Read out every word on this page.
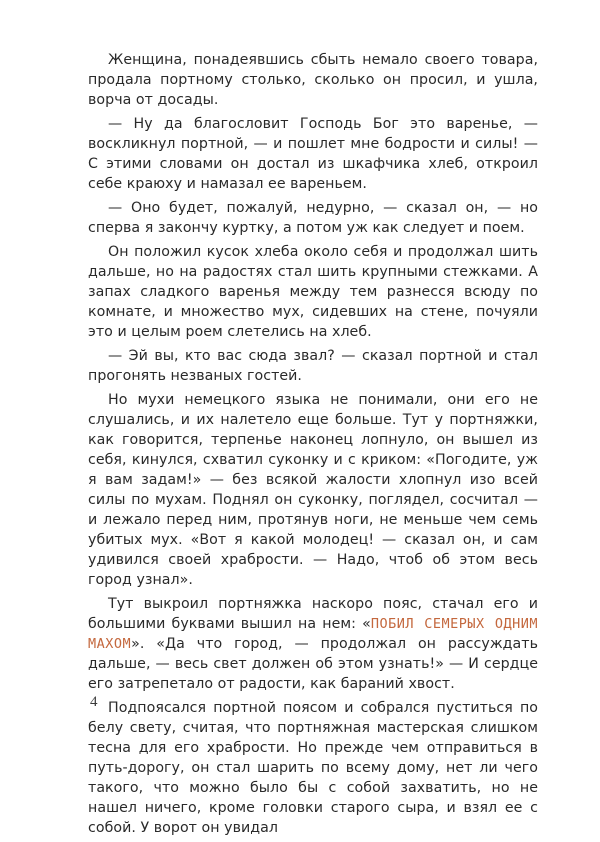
Женщина, понадеявшись сбыть немало своего товара, продала портному столько, сколько он просил, и ушла, ворча от досады.

— Ну да благословит Господь Бог это варенье, — воскликнул портной, — и пошлет мне бодрости и силы! — С этими словами он достал из шкафчика хлеб, откроил себе краюху и намазал ее вареньем.

— Оно будет, пожалуй, недурно, — сказал он, — но сперва я закончу куртку, а потом уж как следует и поем.

Он положил кусок хлеба около себя и продолжал шить дальше, но на радостях стал шить крупными стежками. А запах сладкого варенья между тем разнесся всюду по комнате, и множество мух, сидевших на стене, почуяли это и целым роем слетелись на хлеб.

— Эй вы, кто вас сюда звал? — сказал портной и стал прогонять незваных гостей.

Но мухи немецкого языка не понимали, они его не слушались, и их налетело еще больше. Тут у портняжки, как говорится, терпенье наконец лопнуло, он вышел из себя, кинулся, схватил суконку и с криком: «Погодите, уж я вам задам!» — без всякой жалости хлопнул изо всей силы по мухам. Поднял он суконку, поглядел, сосчитал — и лежало перед ним, протянув ноги, не меньше чем семь убитых мух. «Вот я какой молодец! — сказал он, и сам удивился своей храбрости. — Надо, чтоб об этом весь город узнал».

Тут выкроил портняжка наскоро пояс, стачал его и большими буквами вышил на нем: «ПОБИЛ СЕМЕРЫХ ОДНИМ МАХОМ». «Да что город, — продолжал он рассуждать дальше, — весь свет должен об этом узнать!» — И сердце его затрепетало от радости, как бараний хвост.

Подпоясался портной поясом и собрался пуститься по белу свету, считая, что портняжная мастерская слишком тесна для его храбрости. Но прежде чем отправиться в путь-дорогу, он стал шарить по всему дому, нет ли чего такого, что можно было бы с собой захватить, но не нашел ничего, кроме головки старого сыра, и взял ее с собой. У ворот он увидал

4
